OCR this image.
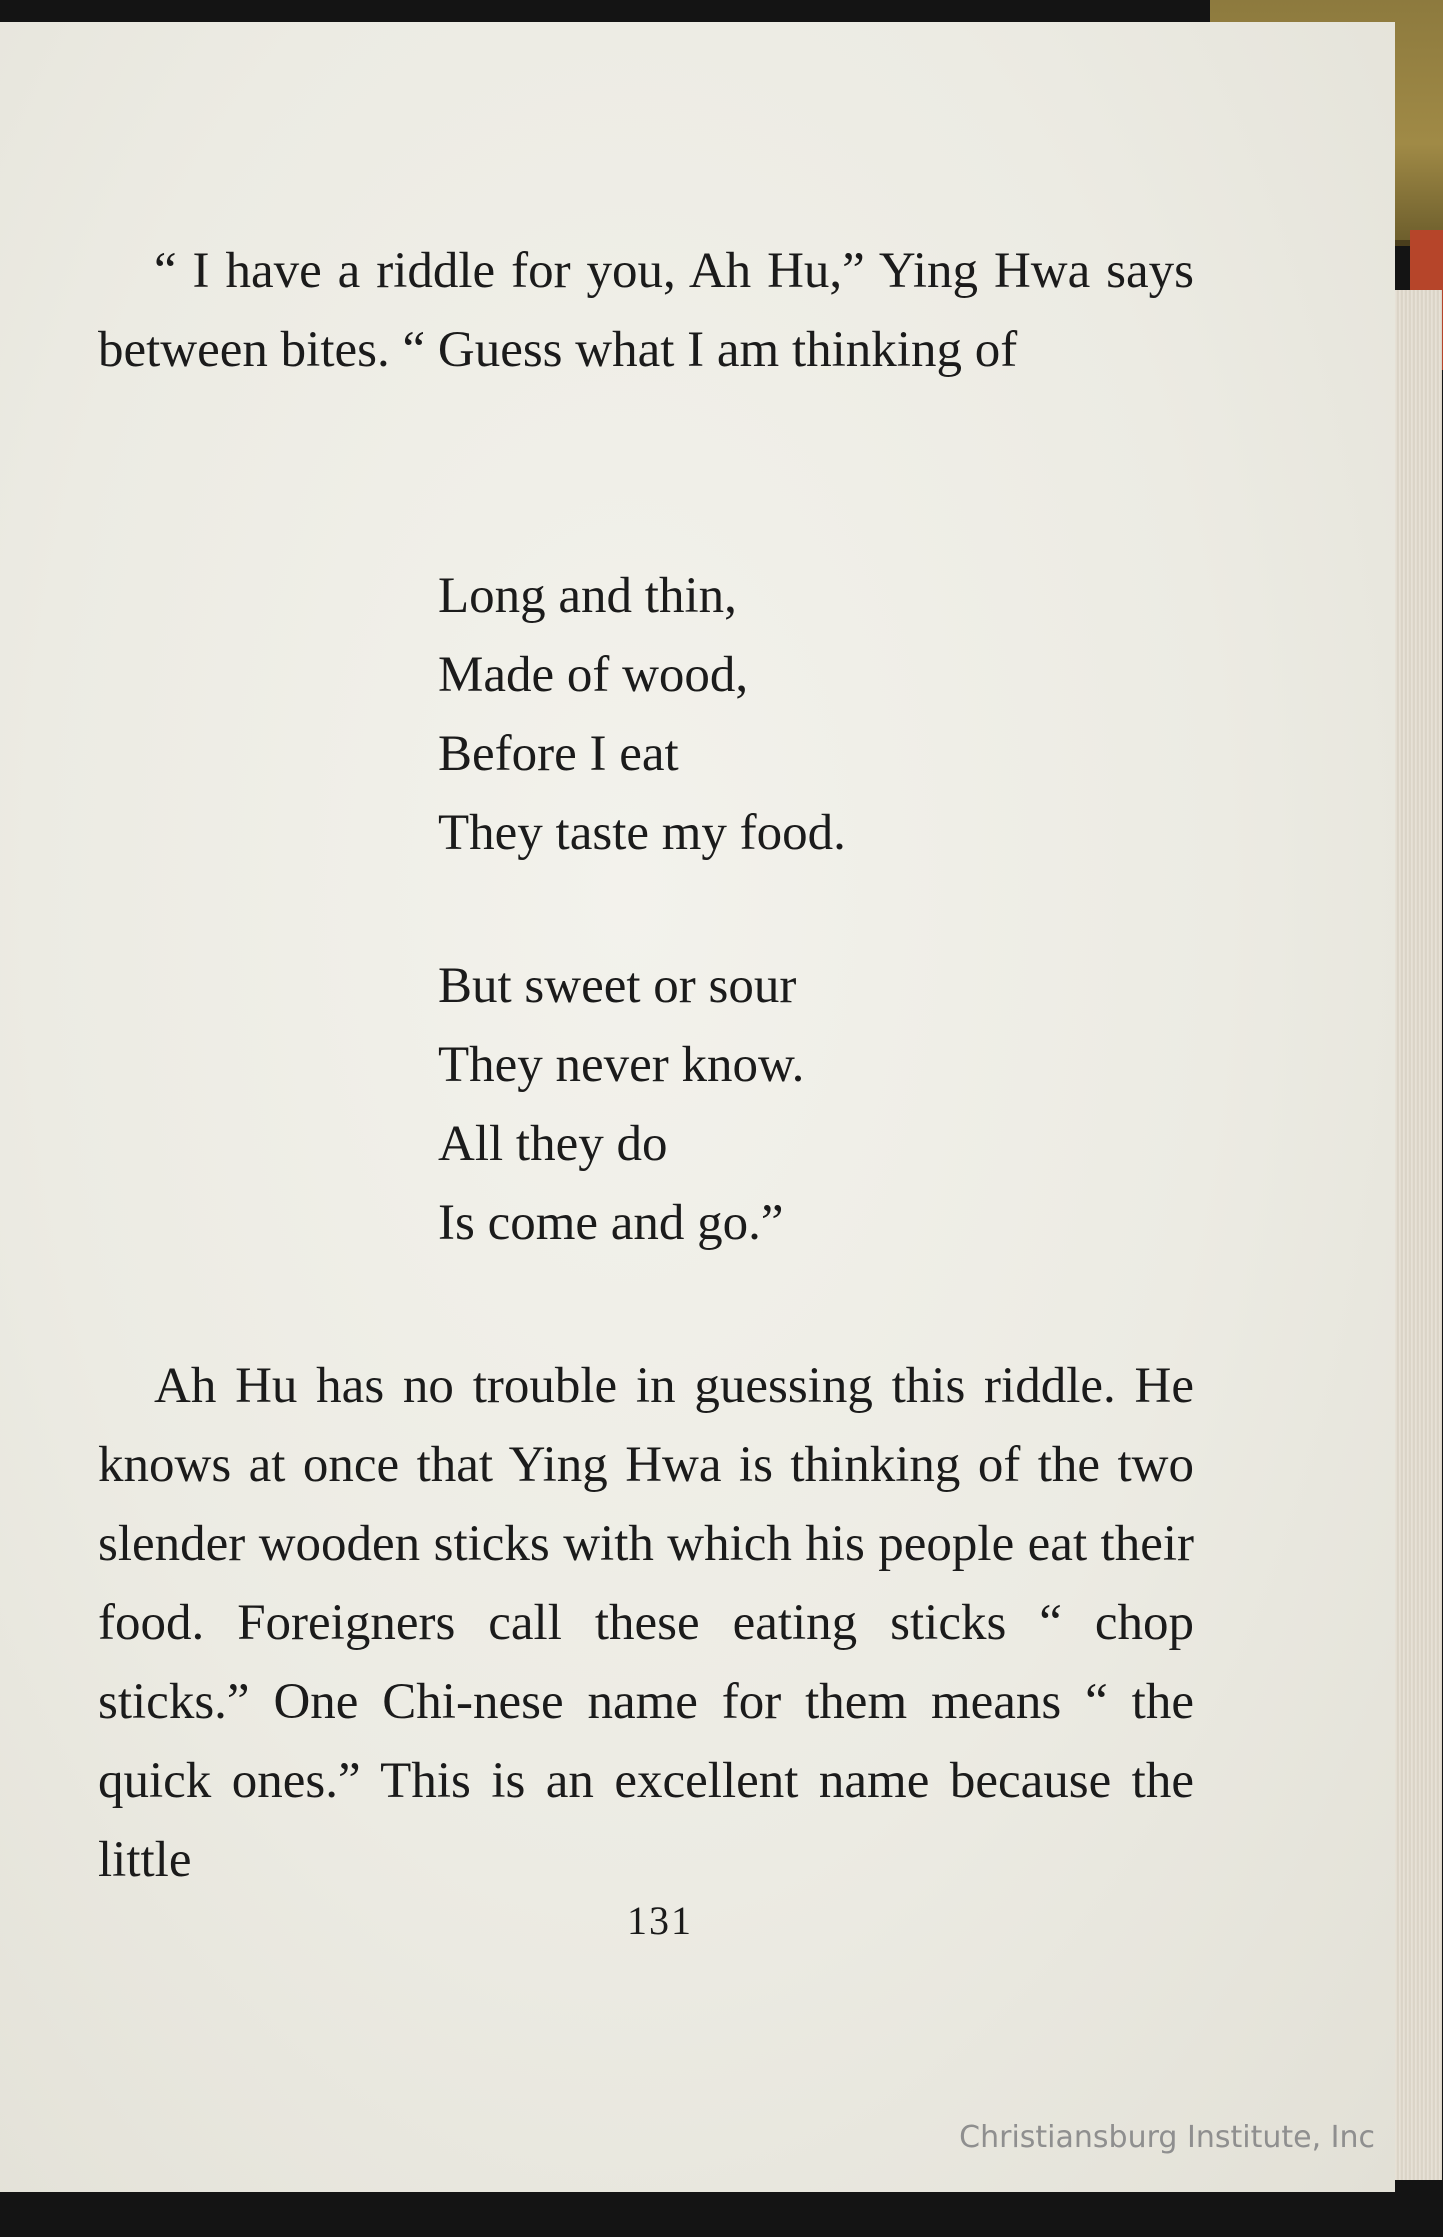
“ I have a riddle for you, Ah Hu,” Ying Hwa says between bites. “ Guess what I am thinking of

Long and thin,
Made of wood,
Before I eat
They taste my food.
But sweet or sour
They never know.
All they do
Is come and go.”

Ah Hu has no trouble in guessing this riddle. He knows at once that Ying Hwa is thinking of the two slender wooden sticks with which his people eat their food. Foreigners call these eating sticks “ chop sticks.” One Chi-nese name for them means “ the quick ones.” This is an excellent name because the little

131
Christiansburg Institute, Inc
